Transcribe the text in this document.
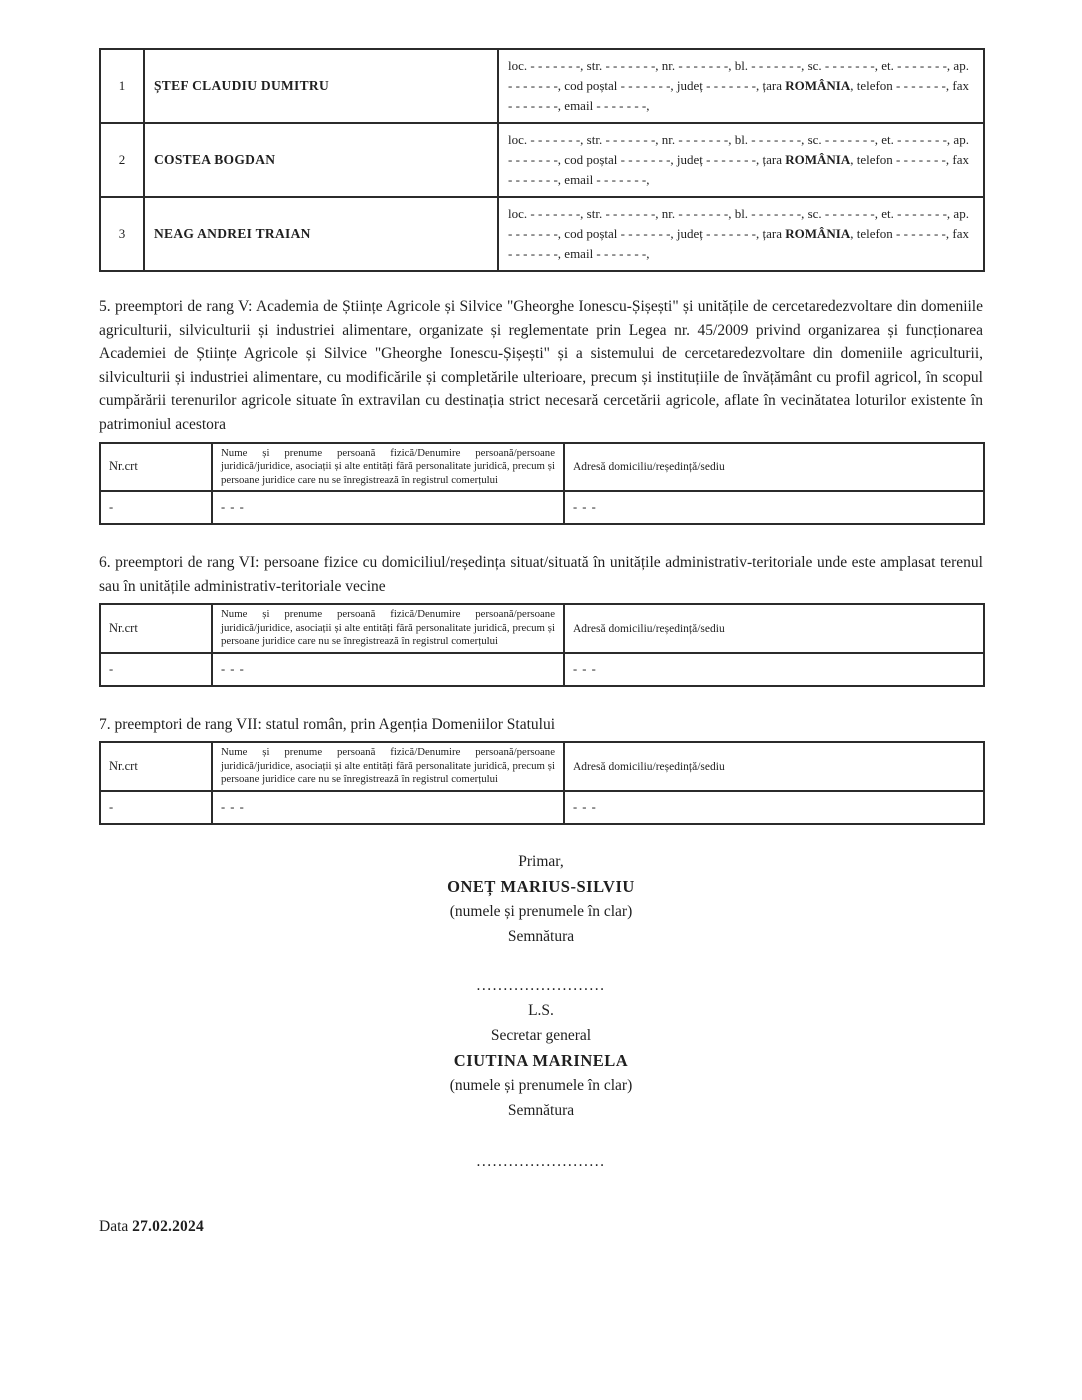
1	ȘTEF CLAUDIU DUMITRU	loc. - - - - - - -, str. - - - - - - -, nr. - - - - - - -, bl. - - - - - - -, sc. - - - - - - -, et. - - - - - - -, ap. - - - - - - -, cod poștal - - - - - - -, județ - - - - - - -, țara ROMÂNIA, telefon - - - - - - -, fax - - - - - - -, email - - - - - - -,
2	COSTEA BOGDAN	loc. - - - - - - -, str. - - - - - - -, nr. - - - - - - -, bl. - - - - - - -, sc. - - - - - - -, et. - - - - - - -, ap. - - - - - - -, cod poștal - - - - - - -, județ - - - - - - -, țara ROMÂNIA, telefon - - - - - - -, fax - - - - - - -, email - - - - - - -,
3	NEAG ANDREI TRAIAN	loc. - - - - - - -, str. - - - - - - -, nr. - - - - - - -, bl. - - - - - - -, sc. - - - - - - -, et. - - - - - - -, ap. - - - - - - -, cod poștal - - - - - - -, județ - - - - - - -, țara ROMÂNIA, telefon - - - - - - -, fax - - - - - - -, email - - - - - - -,

5. preemptori de rang V: Academia de Științe Agricole și Silvice "Gheorghe Ionescu-Șișești" și unitățile de cercetaredezvoltare din domeniile agriculturii, silviculturii și industriei alimentare, organizate și reglementate prin Legea nr. 45/2009 privind organizarea și funcționarea Academiei de Științe Agricole și Silvice "Gheorghe Ionescu-Șișești" și a sistemului de cercetaredezvoltare din domeniile agriculturii, silviculturii și industriei alimentare, cu modificările și completările ulterioare, precum și instituțiile de învățământ cu profil agricol, în scopul cumpărării terenurilor agricole situate în extravilan cu destinația strict necesară cercetării agricole, aflate în vecinătatea loturilor existente în patrimoniul acestora

Nr.crt	Nume și prenume persoană fizică/Denumire persoană/persoane juridică/juridice, asociații și alte entități fără personalitate juridică, precum și persoane juridice care nu se înregistrează în registrul comerțului	Adresă domiciliu/reședință/sediu
-	- - -	- - -

6. preemptori de rang VI: persoane fizice cu domiciliul/reședința situat/situată în unitățile administrativ-teritoriale unde este amplasat terenul sau în unitățile administrativ-teritoriale vecine

Nr.crt	Nume și prenume persoană fizică/Denumire persoană/persoane juridică/juridice, asociații și alte entități fără personalitate juridică, precum și persoane juridice care nu se înregistrează în registrul comerțului	Adresă domiciliu/reședință/sediu
-	- - -	- - -

7. preemptori de rang VII: statul român, prin Agenția Domeniilor Statului

Nr.crt	Nume și prenume persoană fizică/Denumire persoană/persoane juridică/juridice, asociații și alte entități fără personalitate juridică, precum și persoane juridice care nu se înregistrează în registrul comerțului	Adresă domiciliu/reședință/sediu
-	- - -	- - -
Primar,
ONEȚ MARIUS-SILVIU
(numele și prenumele în clar)
Semnătura
........................
L.S.
Secretar general
CIUTINA MARINELA
(numele și prenumele în clar)
Semnătura
........................
Data 27.02.2024
